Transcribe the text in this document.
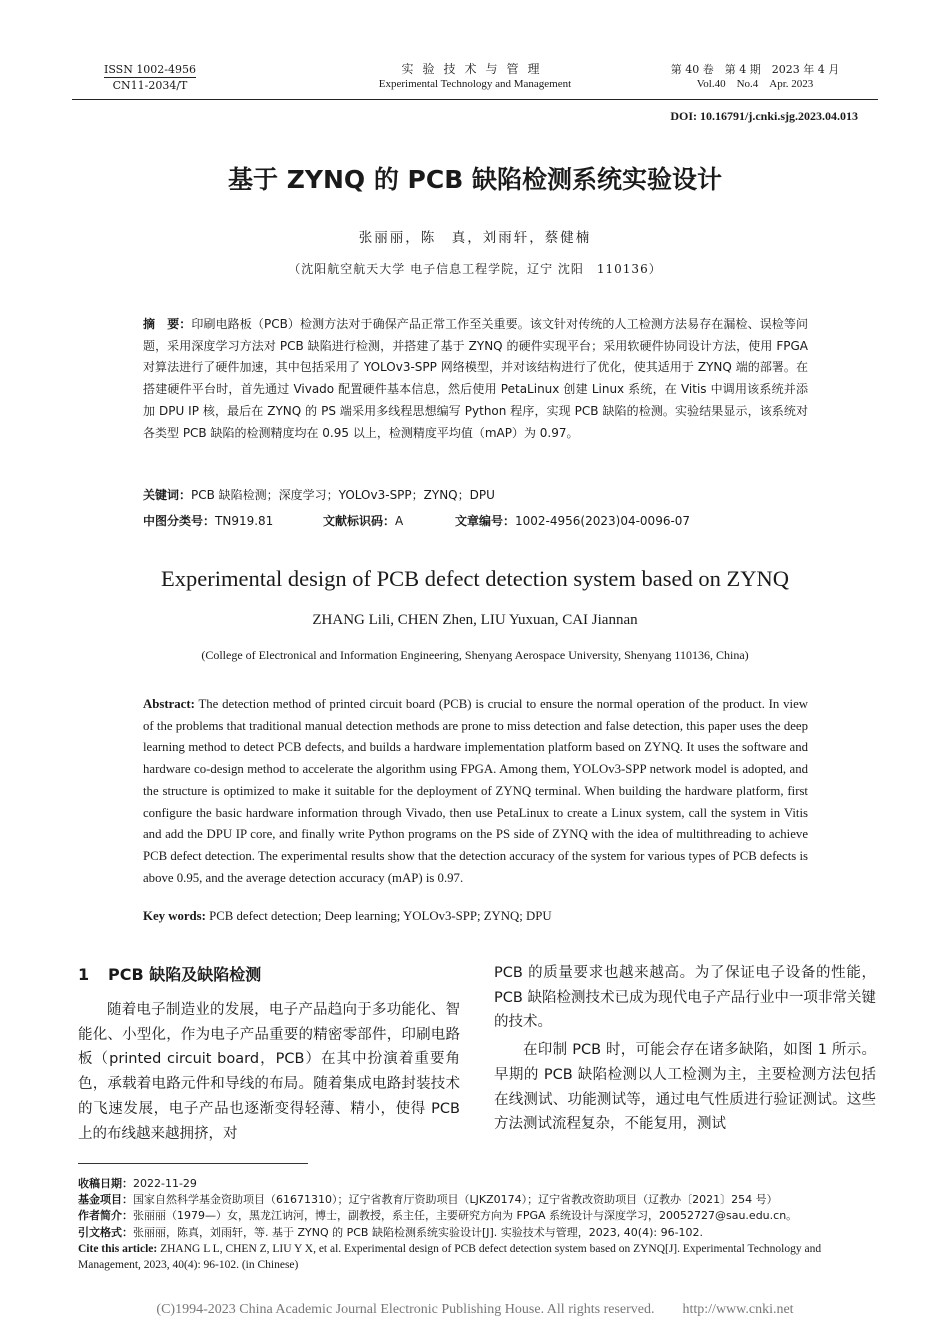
ISSN 1002-4956
CN11-2034/T
实验技术与管理
Experimental Technology and Management
第 40 卷　第 4 期　2023 年 4 月
Vol.40　No.4　Apr. 2023
DOI: 10.16791/j.cnki.sjg.2023.04.013
基于 ZYNQ 的 PCB 缺陷检测系统实验设计
张丽丽，陈　真，刘雨轩，蔡健楠
（沈阳航空航天大学 电子信息工程学院，辽宁 沈阳　110136）
摘　要：印刷电路板（PCB）检测方法对于确保产品正常工作至关重要。该文针对传统的人工检测方法易存在漏检、误检等问题，采用深度学习方法对 PCB 缺陷进行检测，并搭建了基于 ZYNQ 的硬件实现平台；采用软硬件协同设计方法，使用 FPGA 对算法进行了硬件加速，其中包括采用了 YOLOv3-SPP 网络模型，并对该结构进行了优化，使其适用于 ZYNQ 端的部署。在搭建硬件平台时，首先通过 Vivado 配置硬件基本信息，然后使用 PetaLinux 创建 Linux 系统，在 Vitis 中调用该系统并添加 DPU IP 核，最后在 ZYNQ 的 PS 端采用多线程思想编写 Python 程序，实现 PCB 缺陷的检测。实验结果显示，该系统对各类型 PCB 缺陷的检测精度均在 0.95 以上，检测精度平均值（mAP）为 0.97。
关键词：PCB 缺陷检测；深度学习；YOLOv3-SPP；ZYNQ；DPU
中图分类号：TN919.81	文献标识码：A	文章编号：1002-4956(2023)04-0096-07
Experimental design of PCB defect detection system based on ZYNQ
ZHANG Lili, CHEN Zhen, LIU Yuxuan, CAI Jiannan
(College of Electronical and Information Engineering, Shenyang Aerospace University, Shenyang 110136, China)
Abstract: The detection method of printed circuit board (PCB) is crucial to ensure the normal operation of the product. In view of the problems that traditional manual detection methods are prone to miss detection and false detection, this paper uses the deep learning method to detect PCB defects, and builds a hardware implementation platform based on ZYNQ. It uses the software and hardware co-design method to accelerate the algorithm using FPGA. Among them, YOLOv3-SPP network model is adopted, and the structure is optimized to make it suitable for the deployment of ZYNQ terminal. When building the hardware platform, first configure the basic hardware information through Vivado, then use PetaLinux to create a Linux system, call the system in Vitis and add the DPU IP core, and finally write Python programs on the PS side of ZYNQ with the idea of multithreading to achieve PCB defect detection. The experimental results show that the detection accuracy of the system for various types of PCB defects is above 0.95, and the average detection accuracy (mAP) is 0.97.
Key words: PCB defect detection; Deep learning; YOLOv3-SPP; ZYNQ; DPU
1 PCB 缺陷及缺陷检测

随着电子制造业的发展，电子产品趋向于多功能化、智能化、小型化，作为电子产品重要的精密零部件，印刷电路板（printed circuit board，PCB）在其中扮演着重要角色，承载着电路元件和导线的布局。随着集成电路封装技术的飞速发展，电子产品也逐渐变得轻薄、精小，使得 PCB 上的布线越来越拥挤，对

PCB 的质量要求也越来越高。为了保证电子设备的性能，PCB 缺陷检测技术已成为现代电子产品行业中一项非常关键的技术。

在印制 PCB 时，可能会存在诸多缺陷，如图 1 所示。早期的 PCB 缺陷检测以人工检测为主，主要检测方法包括在线测试、功能测试等，通过电气性质进行验证测试。这些方法测试流程复杂，不能复用，测试

收稿日期：2022-11-29

基金项目：国家自然科学基金资助项目（61671310）；辽宁省教育厅资助项目（LJKZ0174）；辽宁省教改资助项目（辽教办〔2021〕254 号）

作者简介：张丽丽（1979—）女，黑龙江讷河，博士，副教授，系主任，主要研究方向为 FPGA 系统设计与深度学习，20052727@sau.edu.cn。

引文格式：张丽丽，陈真，刘雨轩，等. 基于 ZYNQ 的 PCB 缺陷检测系统实验设计[J]. 实验技术与管理，2023, 40(4): 96-102.

Cite this article: ZHANG L L, CHEN Z, LIU Y X, et al. Experimental design of PCB defect detection system based on ZYNQ[J]. Experimental Technology and Management, 2023, 40(4): 96-102. (in Chinese)

(C)1994-2023 China Academic Journal Electronic Publishing House. All rights reserved.　　http://www.cnki.net
